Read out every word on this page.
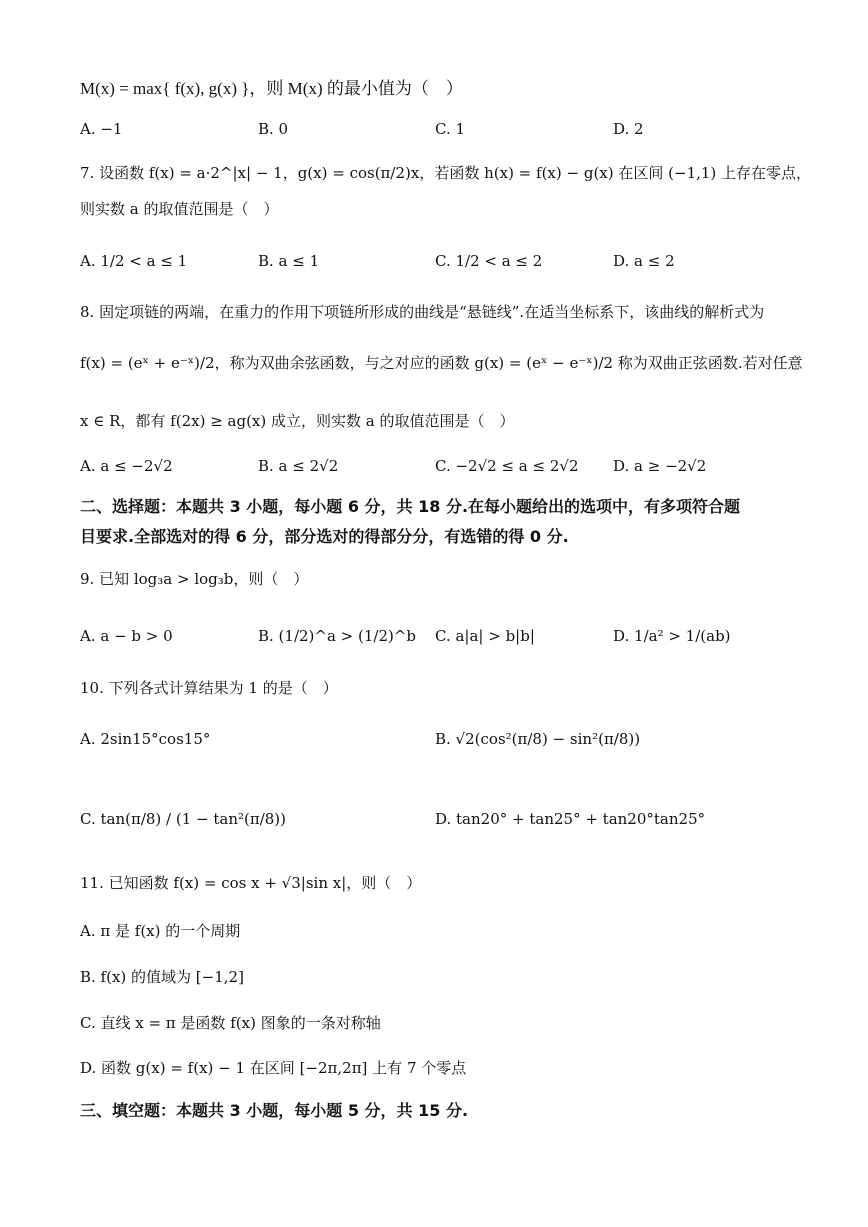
M(x) = max{ f(x), g(x) }，则 M(x) 的最小值为（　）
A. −1	B. 0	C. 1	D. 2
7. 设函数 f(x) = a·2^|x| − 1，g(x) = cos(π/2)x，若函数 h(x) = f(x) − g(x) 在区间 (−1,1) 上存在零点，
则实数 a 的取值范围是（　）
A. 1/2 < a ≤ 1	B. a ≤ 1	C. 1/2 < a ≤ 2	D. a ≤ 2
8. 固定项链的两端，在重力的作用下项链所形成的曲线是“悬链线”.在适当坐标系下，该曲线的解析式为
f(x) = (eˣ + e⁻ˣ)/2，称为双曲余弦函数，与之对应的函数 g(x) = (eˣ − e⁻ˣ)/2 称为双曲正弦函数.若对任意
x ∈ R，都有 f(2x) ≥ ag(x) 成立，则实数 a 的取值范围是（　）
A. a ≤ −2√2	B. a ≤ 2√2	C. −2√2 ≤ a ≤ 2√2 D. a ≥ −2√2
二、选择题：本题共 3 小题，每小题 6 分，共 18 分.在每小题给出的选项中，有多项符合题
目要求.全部选对的得 6 分，部分选对的得部分分，有选错的得 0 分.
9. 已知 log₃a > log₃b，则（　）
A. a − b > 0	B. (1/2)^a > (1/2)^b C. a|a| > b|b|	D. 1/a² > 1/(ab)
10. 下列各式计算结果为 1 的是（　）
A. 2sin15°cos15°	B. √2(cos²(π/8) − sin²(π/8))
C. tan(π/8) / (1 − tan²(π/8))	D. tan20° + tan25° + tan20°tan25°
11. 已知函数 f(x) = cos x + √3|sin x|，则（　）
A. π 是 f(x) 的一个周期
B. f(x) 的值域为 [−1,2]
C. 直线 x = π 是函数 f(x) 图象的一条对称轴
D. 函数 g(x) = f(x) − 1 在区间 [−2π,2π] 上有 7 个零点
三、填空题：本题共 3 小题，每小题 5 分，共 15 分.
